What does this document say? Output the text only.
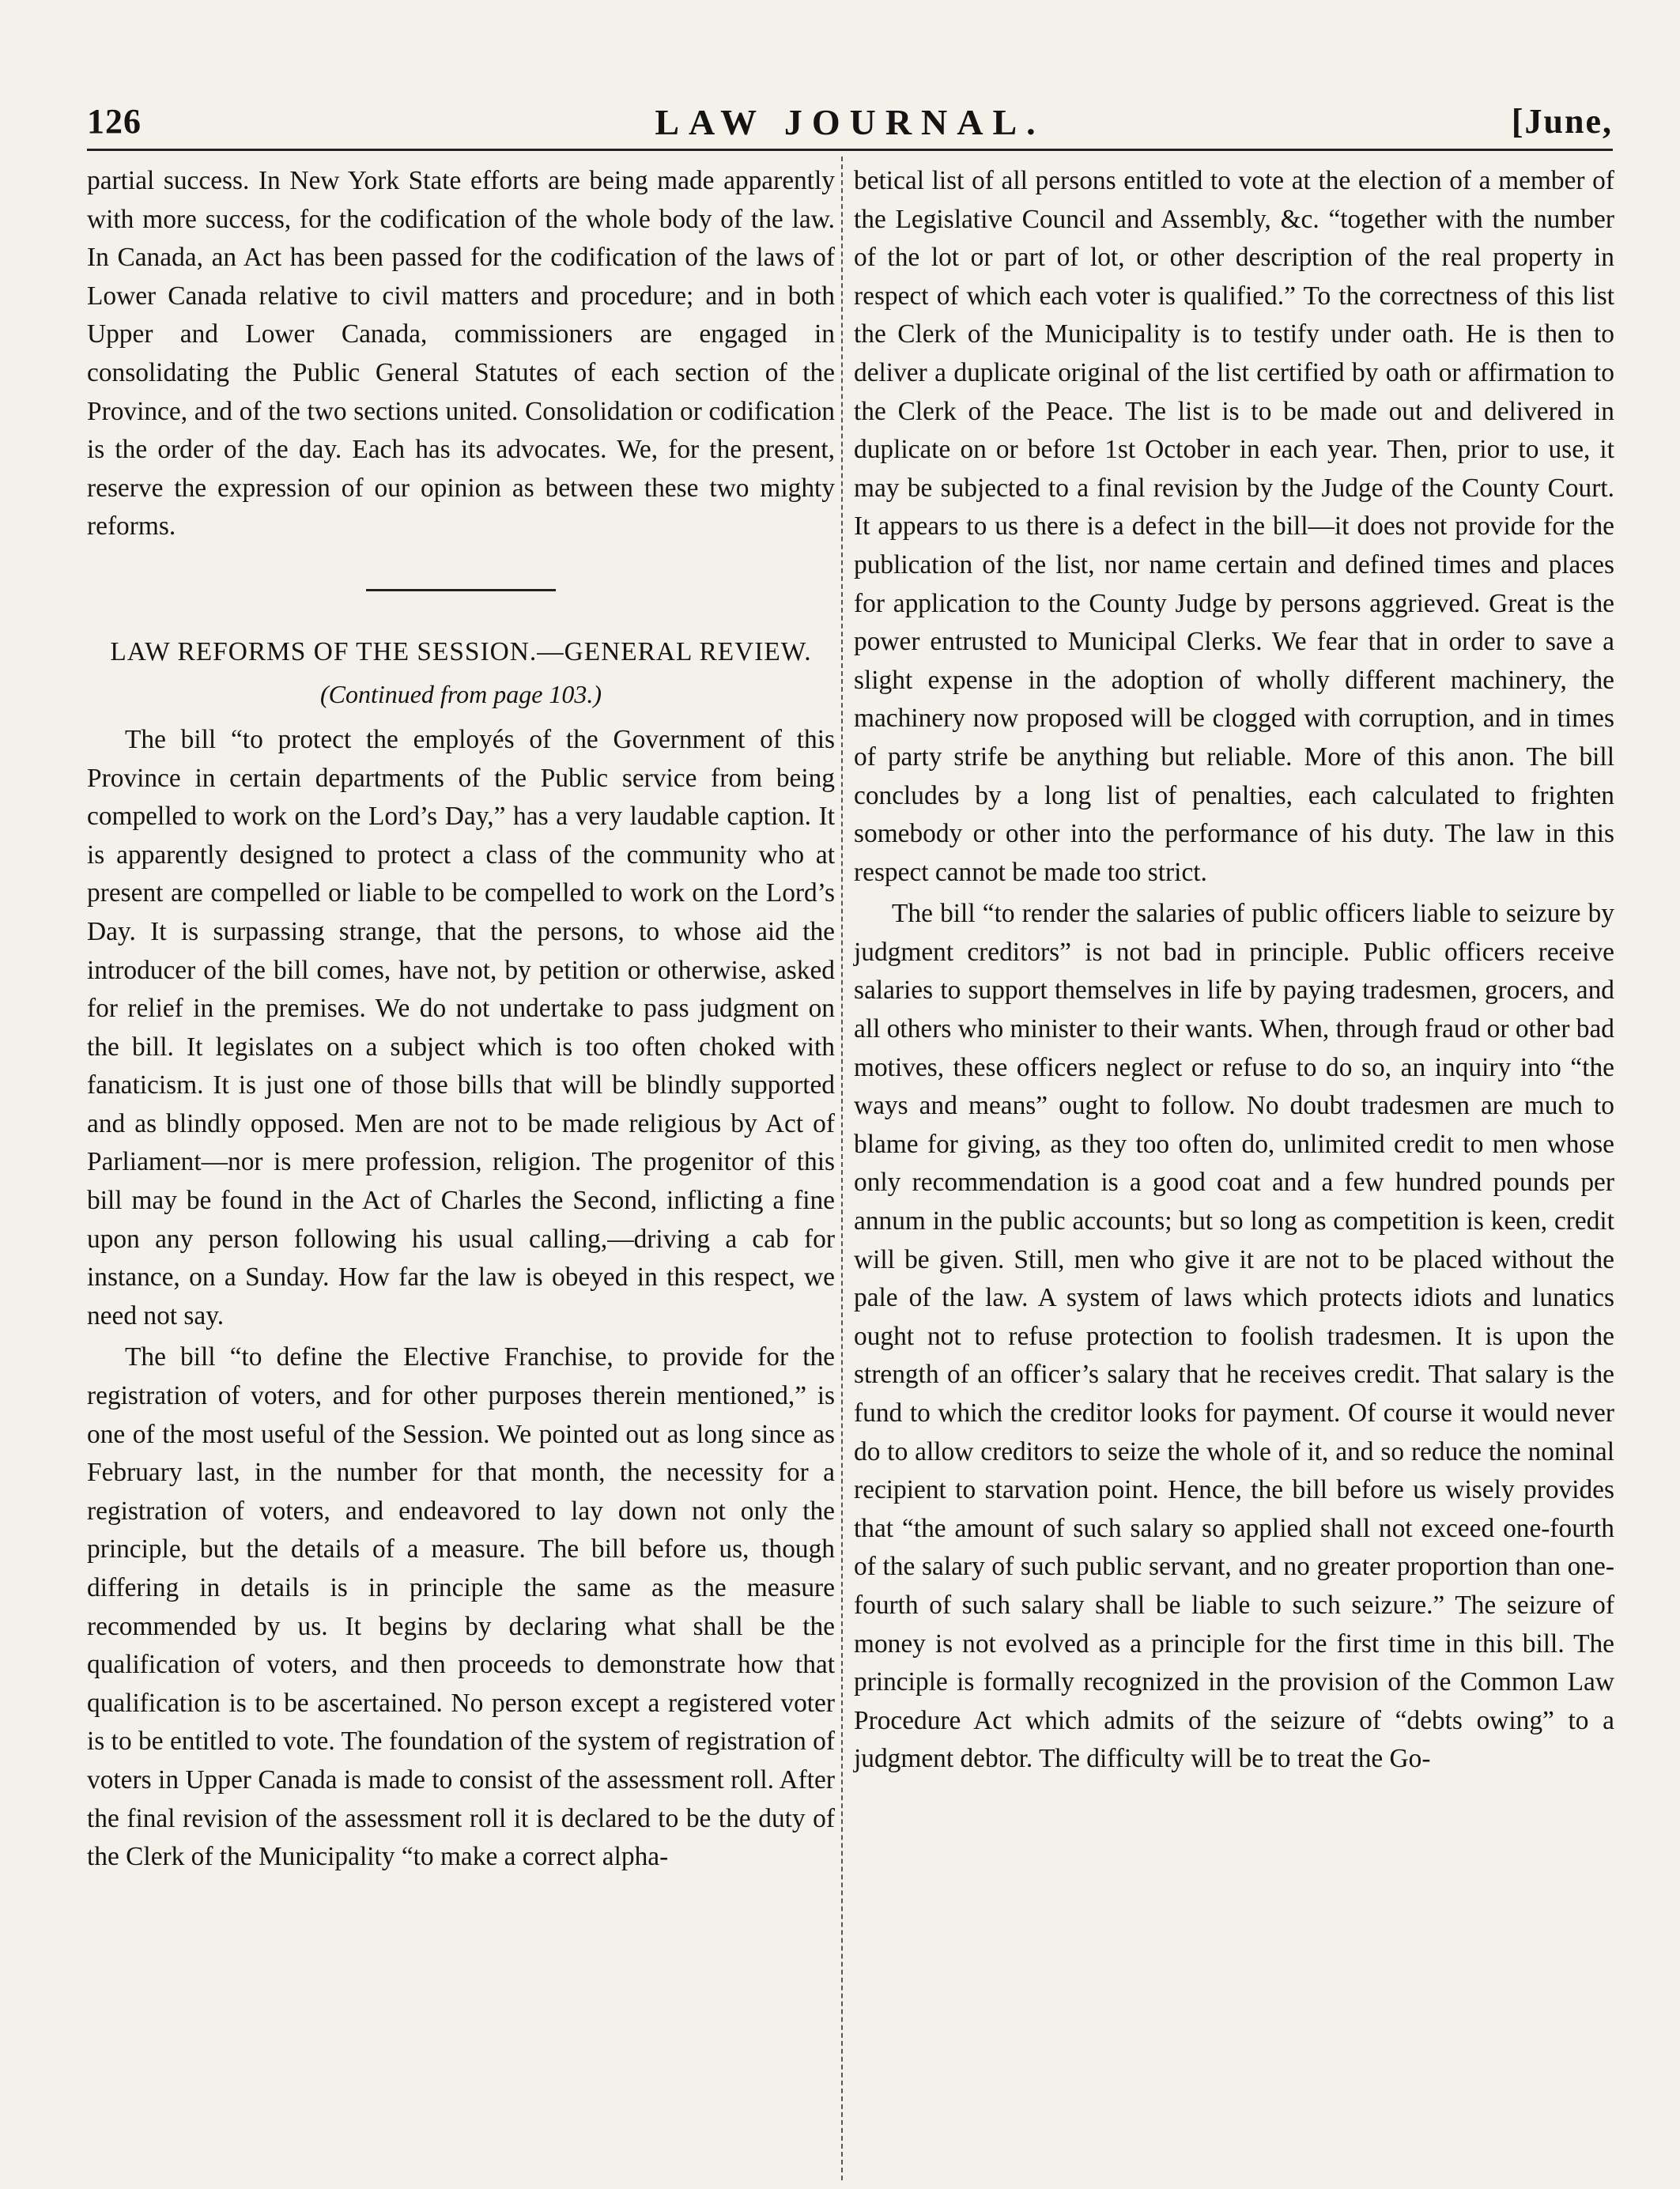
126	LAW JOURNAL.	[June,

partial success. In New York State efforts are being made apparently with more success, for the codification of the whole body of the law. In Canada, an Act has been passed for the codification of the laws of Lower Canada relative to civil matters and procedure; and in both Upper and Lower Canada, commissioners are engaged in consolidating the Public General Statutes of each section of the Province, and of the two sections united. Consolidation or codification is the order of the day. Each has its advocates. We, for the present, reserve the expression of our opinion as between these two mighty reforms.

LAW REFORMS OF THE SESSION.—GENERAL REVIEW.
(Continued from page 103.)

The bill “to protect the employés of the Government of this Province in certain departments of the Public service from being compelled to work on the Lord’s Day,” has a very laudable caption. It is apparently designed to protect a class of the community who at present are compelled or liable to be compelled to work on the Lord’s Day. It is surpassing strange, that the persons, to whose aid the introducer of the bill comes, have not, by petition or otherwise, asked for relief in the premises. We do not undertake to pass judgment on the bill. It legislates on a subject which is too often choked with fanaticism. It is just one of those bills that will be blindly supported and as blindly opposed. Men are not to be made religious by Act of Parliament—nor is mere profession, religion. The progenitor of this bill may be found in the Act of Charles the Second, inflicting a fine upon any person following his usual calling,—driving a cab for instance, on a Sunday. How far the law is obeyed in this respect, we need not say.

The bill “to define the Elective Franchise, to provide for the registration of voters, and for other purposes therein mentioned,” is one of the most useful of the Session. We pointed out as long since as February last, in the number for that month, the necessity for a registration of voters, and endeavored to lay down not only the principle, but the details of a measure. The bill before us, though differing in details is in principle the same as the measure recommended by us. It begins by declaring what shall be the qualification of voters, and then proceeds to demonstrate how that qualification is to be ascertained. No person except a registered voter is to be entitled to vote. The foundation of the system of registration of voters in Upper Canada is made to consist of the assessment roll. After the final revision of the assessment roll it is declared to be the duty of the Clerk of the Municipality “to make a correct alpha-

betical list of all persons entitled to vote at the election of a member of the Legislative Council and Assembly, &c. “together with the number of the lot or part of lot, or other description of the real property in respect of which each voter is qualified.” To the correctness of this list the Clerk of the Municipality is to testify under oath. He is then to deliver a duplicate original of the list certified by oath or affirmation to the Clerk of the Peace. The list is to be made out and delivered in duplicate on or before 1st October in each year. Then, prior to use, it may be subjected to a final revision by the Judge of the County Court. It appears to us there is a defect in the bill—it does not provide for the publication of the list, nor name certain and defined times and places for application to the County Judge by persons aggrieved. Great is the power entrusted to Municipal Clerks. We fear that in order to save a slight expense in the adoption of wholly different machinery, the machinery now proposed will be clogged with corruption, and in times of party strife be anything but reliable. More of this anon. The bill concludes by a long list of penalties, each calculated to frighten somebody or other into the performance of his duty. The law in this respect cannot be made too strict.

The bill “to render the salaries of public officers liable to seizure by judgment creditors” is not bad in principle. Public officers receive salaries to support themselves in life by paying tradesmen, grocers, and all others who minister to their wants. When, through fraud or other bad motives, these officers neglect or refuse to do so, an inquiry into “the ways and means” ought to follow. No doubt tradesmen are much to blame for giving, as they too often do, unlimited credit to men whose only recommendation is a good coat and a few hundred pounds per annum in the public accounts; but so long as competition is keen, credit will be given. Still, men who give it are not to be placed without the pale of the law. A system of laws which protects idiots and lunatics ought not to refuse protection to foolish tradesmen. It is upon the strength of an officer’s salary that he receives credit. That salary is the fund to which the creditor looks for payment. Of course it would never do to allow creditors to seize the whole of it, and so reduce the nominal recipient to starvation point. Hence, the bill before us wisely provides that “the amount of such salary so applied shall not exceed one-fourth of the salary of such public servant, and no greater proportion than one-fourth of such salary shall be liable to such seizure.” The seizure of money is not evolved as a principle for the first time in this bill. The principle is formally recognized in the provision of the Common Law Procedure Act which admits of the seizure of “debts owing” to a judgment debtor. The difficulty will be to treat the Go-
